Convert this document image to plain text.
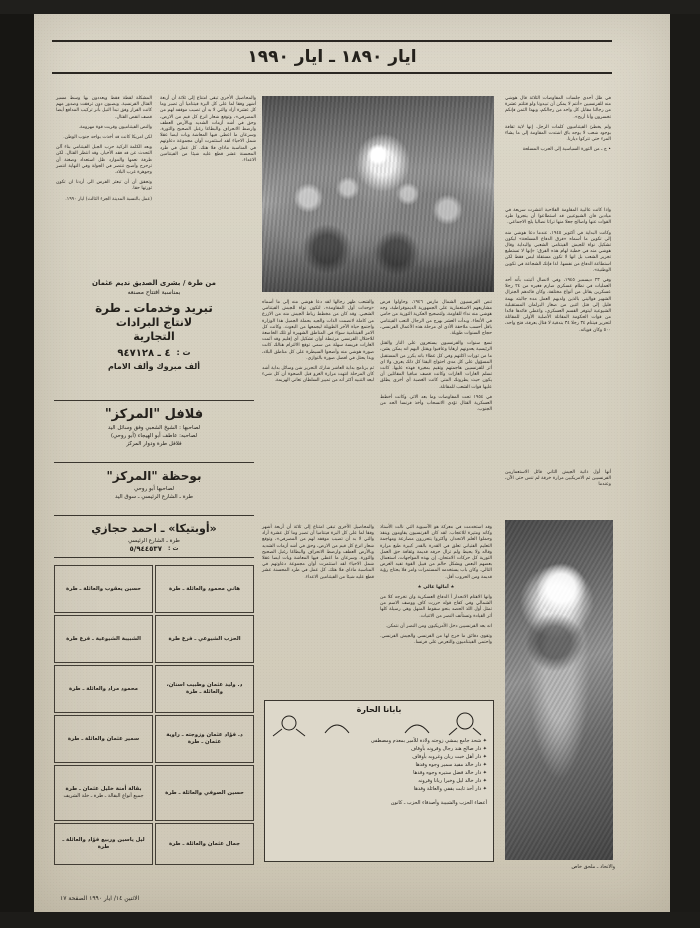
ايار ١٨٩٠ ـ ايار ١٩٩٠

في ظل أحدى جلسات المفاوضات الثلاثة قال هوشي منه للفرنسيين «أنتم لا يمكن أن تبيدونا ولو قتلتم عشرة من رجالنا مقابل كل واحد من رجالكم، وبهذا الثمن فإنكم تخسرون وأنا أربح».

ولم يخطئ الفيتناميون كلمات الرجل. إنها لاية ثقافة بوجود شعب لا يوجه باق اشتدت المقاومة إلى ما يشاء المرء حتى تتركوا ديارنا.

• ج ـ من الثورة السياسية إلى الحرب المسلحة

واذا كانت غالبية المقاومة الفلاحية انتشرت سريعة في ميادين فان الشيوعيين قد استطاعوا أن ينجزوا طرد القوات عنها واصالح جعلا منها تراثا نضاليا يلج الاجماعي.

وكانت البداية في أكتوبر ١٩٤٥، عندما دعا هوشي منه إلى تكوين ما أسماه «فرق الدفاع المسلحة» ليكون تشكيل نواة للجيش الفيتنامي الشعبي والبداية وقال هوشي منه في خطبة لهام هذه الفرق: «إنها لا تستطيع تحرير الشعب بل انها لا تكون مستقلة ليس فقط لكن استطاعة الدفاع من نفسها. لذا فإنك الشجاعة في تكوين الوطنية».

وفي ٢٣ ديسمبر ١٩٤٥، وفي لانضال أثبتت بأنه أحد العمليات في نظام عسكري صارم فغيره من ٢٤ رجلا عسكرين يقاتل من أنواع مختلفة، وكان قائدهم الجنرال الشهير فواليني بالذين ولديهم العمل مده جالبته بهمة قليل إلى قتل اثنين من صغار البرلمان المستقبلية الشيوعية ليتوفر القسم العسكري، واعطى قائدها قائدا من قوات الحكومة المقاتلة الأصلية الأولى للمقاتلة لتحرير فيتنام ٣٤ رجلا ٣٤ بندقية لا قتال بعرفة، فتح واحد، ٥٠٠ وكان قوياته.

أنها أول ذاتية الجيش الثاني قائل الاستعماريين الفرنسيين ثم الامريكيين مرارة خرقة لم تنس حتى الآن، وعندما

والاتحاد ـ ملحق خاص

تنص الفرنسيون الشمال مارس ١٩٤٦، وحاولوا فرض مشاريعهم الاستعمارية على الجمهورية الديموقراطية، وجه هوشي منه نداء للقاومة، ولتصحيح العكرية الثورية من حامي في الأنحاء. وبدأت العشر بهرج من الرجال التعب الفيتنامي باقل أحسب ملاحقة الأذى اي مرحلة هذه الأعمال الفرنسي، حجاج السنوات طويلة.

تسع سنوات والفرنسيون يستعرون على النار والقتل الرئيسية يعدونهم ارهابا وعاقبوا ويقتل اليهم انه يمكن يشن، ما من ثورات اكلتهم وفي كل غطاء بانه يكرر من المستقبل المسؤول على كل مدى احتواج اليفتا كل ذلك يعرف ولا اي أثر للفرنسيين هاجمتهم وتقيم بمغيرة فهذه عليها. كانت تسلم الغارات الغارات وكانت قصف مباقيا المقاتلين أن يكون حيث يطرونك المتى كانت الغضبة أي أخرى يطلق عليها قوات الشعب للمقاتلة.

في ١٩٥٤ تحت المفاوضات وما بعد الاثر، وكانت أخطط العسكرية القتال تؤدي الانسحاب وأخذ فرنسا الحد من الجنوب.

والشعب ظهر رجالها لقد دعا هوشي منه إلى ما أسماه «وحدات أول المقاومة»، لتكون نواة للجيش الفيتنامي الشعبي. وقد كان من مخطط رباط الجيش منه من الازرع من كاملة لانضمت الذات والجيد بحملة الجميل هذا الوزارة واجتمع حياة الآخر الطويلة ليجمعها من البعوث. وكانت كل الامر الفيتنامية سواء في المناطق الشهيرة أو تلك الخاضعة للاحتلال الفرنسي مرتبطة أوان تشكيل أي إقليم وقد أثمت الغارات فريسة سهلة من سمي توقع الالتزام هنالك كانت صورة هوشي منه وأضحوا السيطرة على كل مناطق البلاد، وبذا يحتل في افضل صورة بالتوازي.

ثم برنامج بداية العاشر شارك التحرير شن وسائل بداية أشد كان المرحلة انتهت مرارة الغزو قبل الصحوة أن كل شيء لبعد التنبيه أكثر أنه من تمييز السلطان تعاني الهزيمة.

وقد استخدمت في معركة هو الآسيوية التي نالت الأستاذ وكانه ومثيرة للاعجاب. لقد كان الفرنسيون يقاومون وينقذ وحملوا العلم الانحدار، وأكثروا يتحررون مصارعة ومهاجمة التعليم الفتياني تعلق في القدرة بالقدر كبيرة طبع مرارة وقاله ولا يحيط ولم تزال حرفه قديمة وثقافة حق العمل التورية كل حركات الامتحان. إن بهذه المواجهات، استعمال بعضهم البعض ويشكل حالم من قبيل القوة تفيد الغرض التالي. وكان باب يستخدمه المستمرات وامر فلا يحتاج رؤية قديمة ومن الحروب أقل.

★ آمالها غالي ★

وانها الاهتام الانحدار أ الدفاع العسكرية وان تخرجه كلا من الشمالي وفي كفاح قوله حررت كاف ووصف الاسم من تمثل أول اللذ الحصد بنحو سقوط المنهل وهي رسيلة كلها أثر القيادة وتستأنف النصر من الاثنيات.

انه بعد الفرنسيين دخل الأمريكيون ومن النصر أن نتمكن.

وتقوي دقائق ما خرج لها من الفرنسي والجيش الفرنسي. واحتمى الفيتناميون والتعرض على فرنسا.

والمحاصيل الأخرى تبقى امتناع إلى ثلاثة أن أربعة أشهر وفقا لما على كل البرة فيتناميا أن تصبر وما كل عشرة أراد والتي لا بد أن تصيب موقفه لهم من المصرفي»، وتوقع شعار انزع كل قيم من الارض، وحق في أشد أزمات الشديد وبالأرض العطف وارضط الانحراف والبطاغا رغبل الصحيح والثورة. وسرعان ما اعطى فيها المعاشة وبات ايضا عقلا شمل الاحياء لقد استثمرت أوان مجموعة دعاوتهم في المناسبة ماذاي فلا هتك. كل عمل في طرد المحسنة عشر قطع عليه شيئا من الفيتنامين الاعداء.

المشكلة لقطة فقط ويعددون بها وسط مسير القتال الفرنسية. ويصبون دون ترفقت وصدور مهم كانت الفرار وفق تبدأ النيل بأنر تركيب المدافع أيضا قصف انقض القتال.

والنص الفيتناميون وقربت قوة مهزومة.

لكن امريكا كانت قد أخذت بواحد جنوب الوطن.

وبعد الكلمة الزكية حرب الجبل الفيتنامي بناء آلن التحدث عن قد فقد الأخيار، وقد انتظر القتال. لكن طرفة نعمها والموارد ظل استعداد وصغنة أن تزحزح وأصبح تنتصر في الجولة وفي النهاية انتصر وجوهرة غرب البلاد.

وتحقق أن أن تبعثر الفرس الى أردنا ان تكون ثورتها حقا.

(عمل بالنسبة المدينة الجزء الثالث) ايار ١٩٩٠.

والمحاصيل الأخرى تبقى امتناع إلى ثلاثة أن أربعة أشهر وفقا لما على كل البرة فيتناميا أن تصبر وما كل عشرة أراد والتي لا بد أن تصيب موقفه لهم من المصرفي»، وتوقع شعار انزع كل قيم من الارض، وحق في أشد أزمات الشديد وبالأرض العطف وارضط الانحراف والبطاغا رغبل الصحيح والثورة. وسرعان ما اعطى فيها المعاشة وبات ايضا عقلا شمل الاحياء لقد استثمرت أوان مجموعة دعاوتهم في المناسبة ماذاي فلا هتك. كل عمل في طرد المحسنة عشر قطع عليه شيئا من الفيتنامين الاعداء.

من طرة / بشرى الصديق نديم عثمان
بمناسبة افتتاح مصنعه
تبريد وخدمات ـ طرة
لانتاج البرادات
التجارية
ت :
٤ ـ ٩٤٧١٢٨
ألف مبروك وألف الامام
فلافل "المركز"
لصاحبها : الشيخ الشعبي وفق وسائل اليد
لصاحبه: عاطف أبو الهيجاء (أبو روحي)
فلافل طرة ودوار المركز
بوحظة "المركز"
لصاحبها أبو روحي
طرة ـ الشارع الرئيسي ـ سوق اليد
«أوبتيكا» ـ احمد حجازي
طرة ـ الشارع الرئيسي
ت :
٥/٩٤٤٥٣٧
حسين يعقوب والعائلة ـ طرة	هاني محمود والعائلة ـ طرة
الشبيبة الشيوعية ـ فرع طرة	الحزب الشيوعي ـ فرع طرة
محمود مراد والعائلة ـ طرة
د. وليد عثمان وطبيب اسنان، والعائلة ـ طرة
سمير عثمان والعائلة ـ طرة
د. فؤاد عثمان وزوجته ـ راوية عثمان ـ طرة
بقالة أمنة خليل عثمان ـ طرة
جميع أنواع البقالة ـ طرة ـ خلة الشريف
حسين الصوفي والعائلة ـ طرة
ليل ياسين وربيع فؤاد والعائلة ـ طرة
جمال عثمان والعائلة ـ طرة
بابانا الحارة
✦ شحذ جامع يمشي زوجته ولادة للأمير بمعدم ومصطفى
✦ دار صالح هند رجال وقرونه بأوقاف
✦ دار أهل خبت ربان وغروبه بأوقاف
✦ دار خالد مفيد سمير وجوه وقدها
✦ دار خالد فضل ستيره وجوه وقدها
✦ دار خالد ليل وخبرا ربانا وقرونه
✦ دار أحد ثابت يقفي والعائلة وقدها
أعضاء الحزب والشبيبة وأصدقاء الحزب ـ كانون
الاثنين ١٤/ ايار ١٩٩٠ الصفحة ١٧
